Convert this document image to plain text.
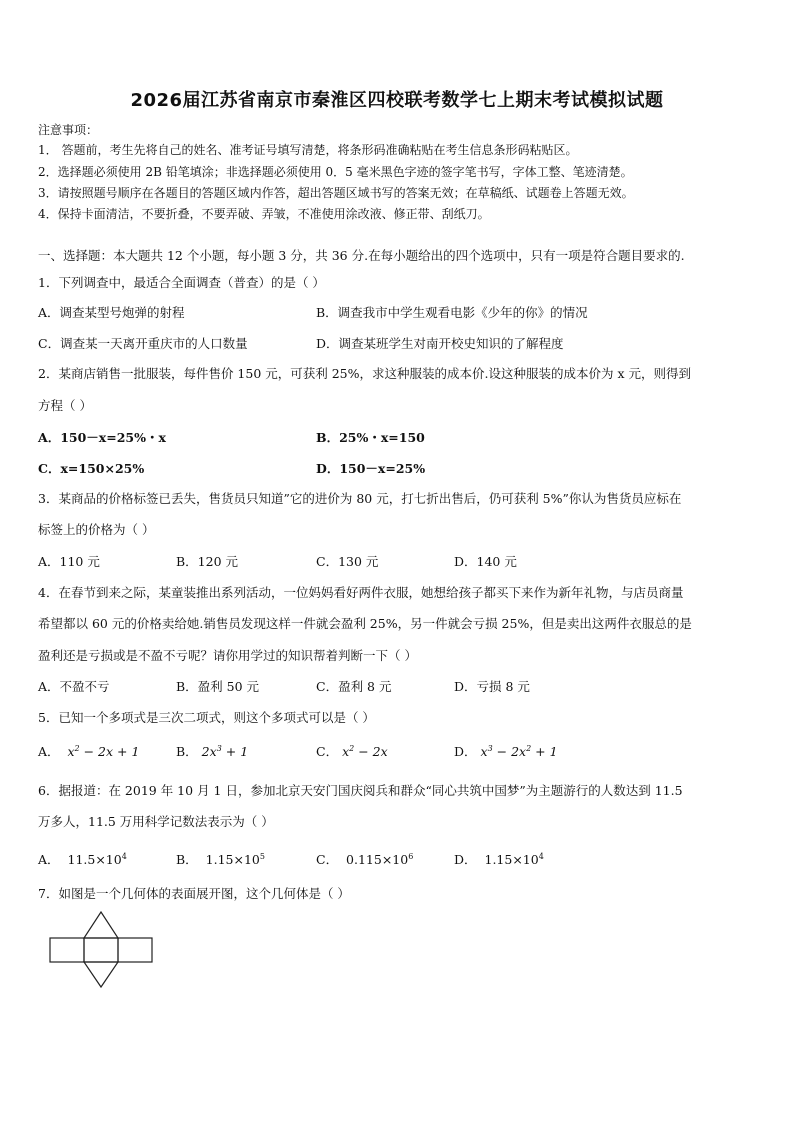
2026届江苏省南京市秦淮区四校联考数学七上期末考试模拟试题
注意事项：
1． 答题前，考生先将自己的姓名、准考证号填写清楚，将条形码准确粘贴在考生信息条形码粘贴区。
2．选择题必须使用 2B 铅笔填涂；非选择题必须使用 0．5 毫米黑色字迹的签字笔书写，字体工整、笔迹清楚。
3．请按照题号顺序在各题目的答题区域内作答，超出答题区域书写的答案无效；在草稿纸、试题卷上答题无效。
4．保持卡面清洁，不要折叠，不要弄破、弄皱，不准使用涂改液、修正带、刮纸刀。
一、选择题：本大题共 12 个小题，每小题 3 分，共 36 分.在每小题给出的四个选项中，只有一项是符合题目要求的.
1．下列调查中，最适合全面调查（普查）的是（ ）
A．调查某型号炮弹的射程	B．调查我市中学生观看电影《少年的你》的情况
C．调查某一天离开重庆市的人口数量	D．调查某班学生对南开校史知识的了解程度
2．某商店销售一批服装，每件售价 150 元，可获利 25%，求这种服装的成本价.设这种服装的成本价为 x 元，则得到
方程（ ）
A．150－x=25%・x	B．25%・x=150
C．x=150×25%	D．150－x=25%
3．某商品的价格标签已丢失，售货员只知道”它的进价为 80 元，打七折出售后，仍可获利 5%”你认为售货员应标在
标签上的价格为（ ）
A．110 元	B．120 元	C．130 元	D．140 元
4．在春节到来之际，某童装推出系列活动，一位妈妈看好两件衣服，她想给孩子都买下来作为新年礼物，与店员商量
希望都以 60 元的价格卖给她.销售员发现这样一件就会盈利 25%，另一件就会亏损 25%，但是卖出这两件衣服总的是
盈利还是亏损或是不盈不亏呢？请你用学过的知识帮着判断一下（ ）
A．不盈不亏	B．盈利 50 元	C．盈利 8 元	D．亏损 8 元
5．已知一个多项式是三次二项式，则这个多项式可以是（ ）
A．  $x^2 - 2x + 1$	B． $2x^3 + 1$	C． $x^2 - 2x$	D． $x^3 - 2x^2 + 1$
6．据报道：在 2019 年 10 月 1 日，参加北京天安门国庆阅兵和群众“同心共筑中国梦”为主题游行的人数达到 11.5
万多人，11.5 万用科学记数法表示为（ ）
A．  $11.5\times 10^4$	B．  $1.15\times 10^5$	C．  $0.115\times 10^6$	D．  $1.15\times 10^4$
7．如图是一个几何体的表面展开图，这个几何体是（ ）
